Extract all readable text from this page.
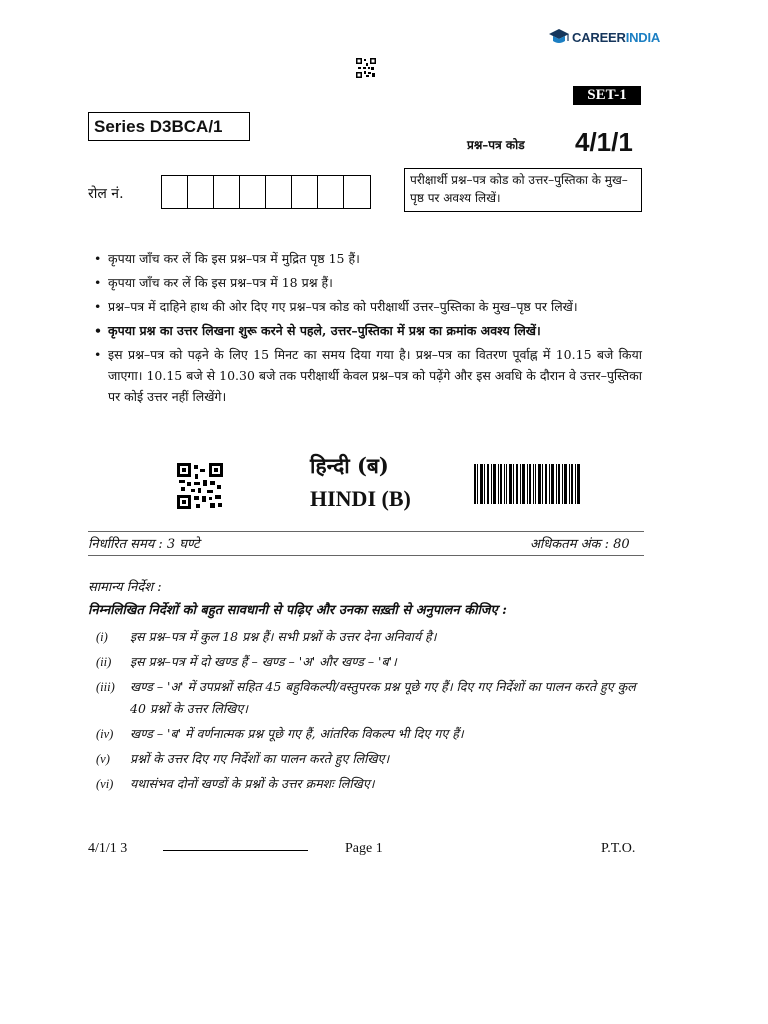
CAREERINDIA
SET-1
Series D3BCA/1
प्रश्न–पत्र कोड 4/1/1
रोल नं.
परीक्षार्थी प्रश्न–पत्र कोड को उत्तर–पुस्तिका के मुख–पृष्ठ पर अवश्य लिखें।
• कृपया जाँच कर लें कि इस प्रश्न–पत्र में मुद्रित पृष्ठ 15 हैं।
• कृपया जाँच कर लें कि इस प्रश्न–पत्र में 18 प्रश्न हैं।
• प्रश्न–पत्र में दाहिने हाथ की ओर दिए गए प्रश्न–पत्र कोड को परीक्षार्थी उत्तर–पुस्तिका के मुख–पृष्ठ पर लिखें।
• कृपया प्रश्न का उत्तर लिखना शुरू करने से पहले, उत्तर–पुस्तिका में प्रश्न का क्रमांक अवश्य लिखें।
• इस प्रश्न–पत्र को पढ़ने के लिए 15 मिनट का समय दिया गया है। प्रश्न–पत्र का वितरण पूर्वाह्न में 10.15 बजे किया जाएगा। 10.15 बजे से 10.30 बजे तक परीक्षार्थी केवल प्रश्न–पत्र को पढ़ेंगे और इस अवधि के दौरान वे उत्तर–पुस्तिका पर कोई उत्तर नहीं लिखेंगे।
हिन्दी (ब)
HINDI (B)
निर्धारित समय : 3 घण्टे	अधिकतम अंक : 80
सामान्य निर्देश :
निम्नलिखित निर्देशों को बहुत सावधानी से पढ़िए और उनका सख़्ती से अनुपालन कीजिए :
(i)	इस प्रश्न–पत्र में कुल 18 प्रश्न हैं। सभी प्रश्नों के उत्तर देना अनिवार्य है।
(ii)	इस प्रश्न–पत्र में दो खण्ड हैं – खण्ड – 'अ' और खण्ड – 'ब'।
(iii)	खण्ड – 'अ' में उपप्रश्नों सहित 45 बहुविकल्पी/वस्तुपरक प्रश्न पूछे गए हैं। दिए गए निर्देशों का पालन करते हुए कुल 40 प्रश्नों के उत्तर लिखिए।
(iv)	खण्ड – 'ब' में वर्णनात्मक प्रश्न पूछे गए हैं, आंतरिक विकल्प भी दिए गए हैं।
(v)	प्रश्नों के उत्तर दिए गए निर्देशों का पालन करते हुए लिखिए।
(vi)	यथासंभव दोनों खण्डों के प्रश्नों के उत्तर क्रमशः लिखिए।
4/1/1 3	Page 1	P.T.O.
